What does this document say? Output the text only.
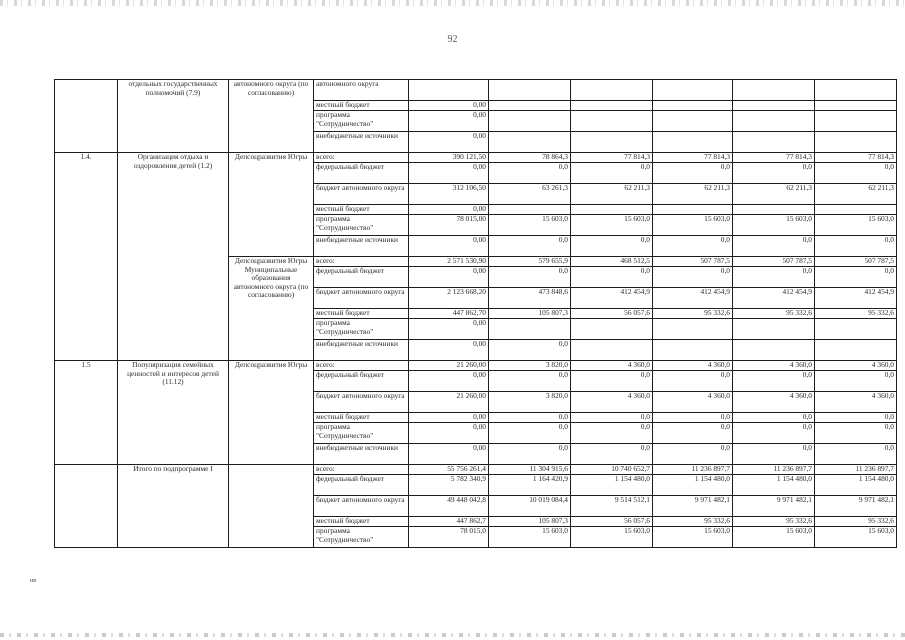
92
	отдельных государственных полномочий (7.9)	автономного округа (по согласованию)	автономного округа						
			местный бюджет	0,00					
			программа "Сотрудничество"	0,00					
			внебюджетные источники	0,00					
1.4.	Организация отдыха и оздоровления детей (1.2)	Депсоцразвития Югры	всего:	390 121,50	78 864,3	77 814,3	77 814,3	77 814,3	77 814,3
			федеральный бюджет	0,00	0,0	0,0	0,0	0,0	0,0
			бюджет автономного округа	312 106,50	63 261,3	62 211,3	62 211,3	62 211,3	62 211,3
			местный бюджет	0,00					
			программа "Сотрудничество"	78 015,00	15 603,0	15 603,0	15 603,0	15 603,0	15 603,0
			внебюджетные источники	0,00	0,0	0,0	0,0	0,0	0,0
		Депсоцразвития Югры Муниципальные образования автономного округа (по согласованию)	всего:	2 571 530,90	579 655,9	468 512,5	507 787,5	507 787,5	507 787,5
			федеральный бюджет	0,00	0,0	0,0	0,0	0,0	0,0
			бюджет автономного округа	2 123 668,20	473 848,6	412 454,9	412 454,9	412 454,9	412 454,9
			местный бюджет	447 862,70	105 807,3	56 057,6	95 332,6	95 332,6	95 332,6
			программа "Сотрудничество"	0,00					
			внебюджетные источники	0,00	0,0				
1.5	Популяризация семейных ценностей и интересов детей (11.12)	Депсоцразвития Югры	всего:	21 260,00	3 820,0	4 360,0	4 360,0	4 360,0	4 360,0
			федеральный бюджет	0,00	0,0	0,0	0,0	0,0	0,0
			бюджет автономного округа	21 260,00	3 820,0	4 360,0	4 360,0	4 360,0	4 360,0
			местный бюджет	0,00	0,0	0,0	0,0	0,0	0,0
			программа "Сотрудничество"	0,00	0,0	0,0	0,0	0,0	0,0
			внебюджетные источники	0,00	0,0	0,0	0,0	0,0	0,0
	Итого по подпрограмме I		всего:	55 756 261,4	11 304 915,6	10 740 652,7	11 236 897,7	11 236 897,7	11 236 897,7
			федеральный бюджет	5 782 340,9	1 164 420,9	1 154 480,0	1 154 480,0	1 154 480,0	1 154 480,0
			бюджет автономного округа	49 448 042,8	10 019 084,4	9 514 512,1	9 971 482,1	9 971 482,1	9 971 482,1
			местный бюджет	447 862,7	105 807,3	56 057,6	95 332,6	95 332,6	95 332,6
			программа "Сотрудничество"	78 015,0	15 603,0	15 603,0	15 603,0	15 603,0	15 603,0
нв
